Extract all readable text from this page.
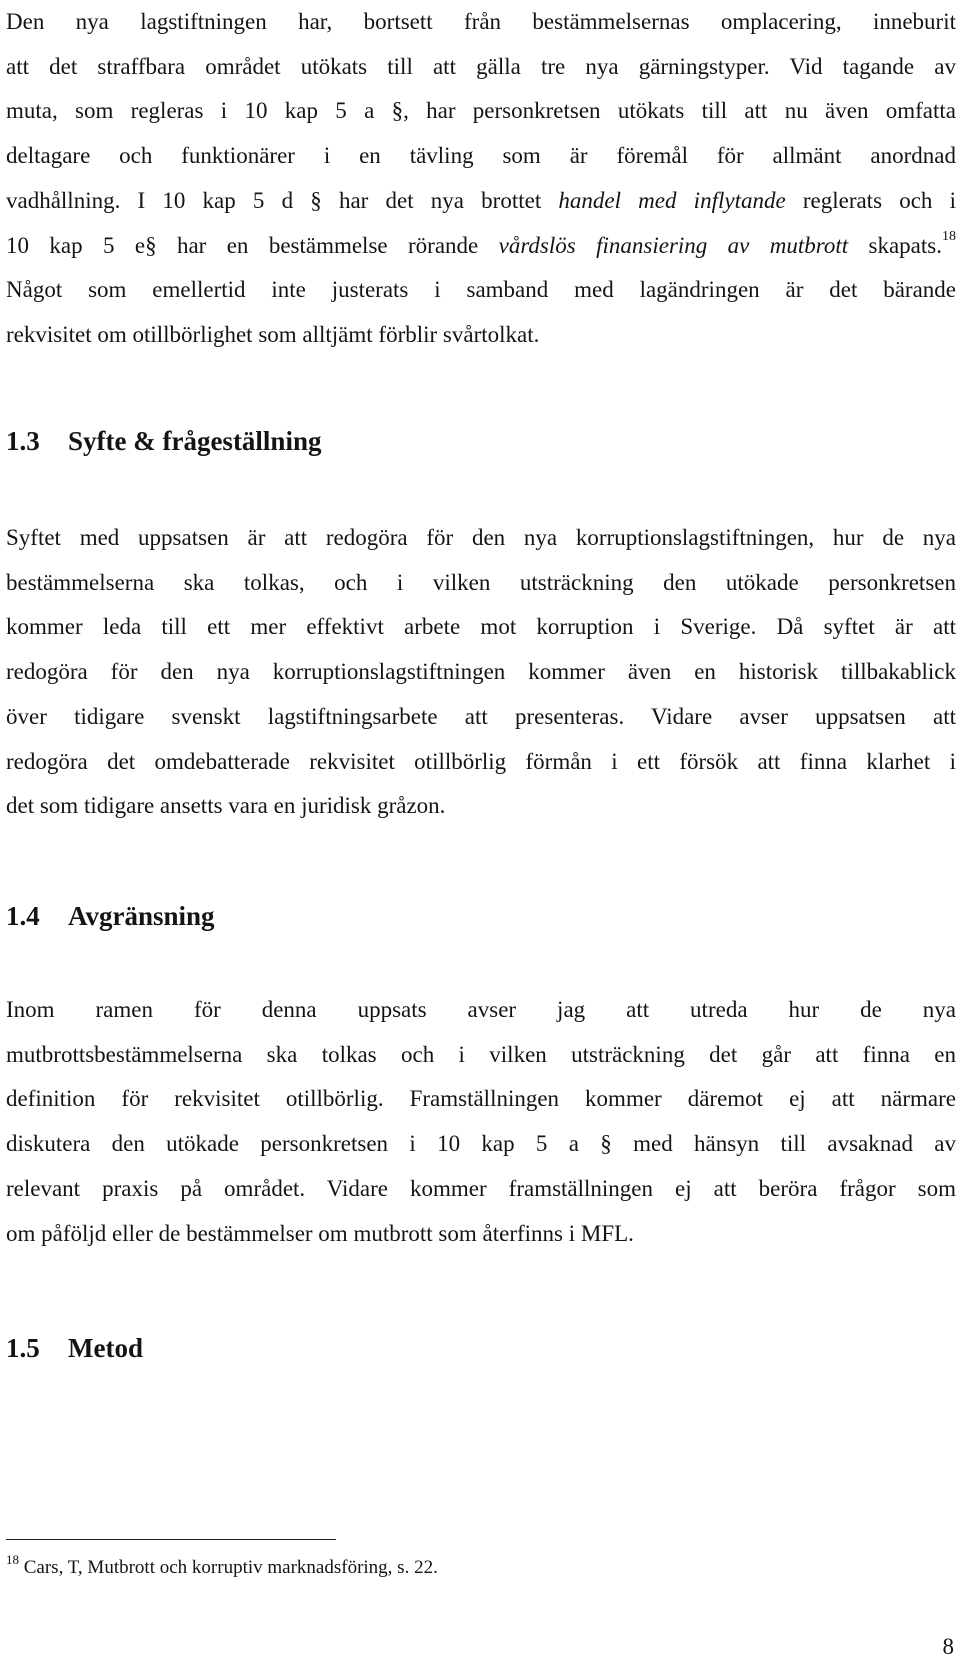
Den nya lagstiftningen har, bortsett från bestämmelsernas omplacering, inneburit
att det straffbara området utökats till att gälla tre nya gärningstyper. Vid tagande av
muta, som regleras i 10 kap 5 a §, har personkretsen utökats till att nu även omfatta
deltagare och funktionärer i en tävling som är föremål för allmänt anordnad
vadhållning. I 10 kap 5 d § har det nya brottet handel med inflytande reglerats och i
10 kap 5 e§ har en bestämmelse rörande vårdslös finansiering av mutbrott skapats.$^{18}$
Något som emellertid inte justerats i samband med lagändringen är det bärande
rekvisitet om otillbörlighet som alltjämt förblir svårtolkat.
1.3 Syfte & frågeställning
Syftet med uppsatsen är att redogöra för den nya korruptionslagstiftningen, hur de nya
bestämmelserna ska tolkas, och i vilken utsträckning den utökade personkretsen
kommer leda till ett mer effektivt arbete mot korruption i Sverige. Då syftet är att
redogöra för den nya korruptionslagstiftningen kommer även en historisk tillbakablick
över tidigare svenskt lagstiftningsarbete att presenteras. Vidare avser uppsatsen att
redogöra det omdebatterade rekvisitet otillbörlig förmån i ett försök att finna klarhet i
det som tidigare ansetts vara en juridisk gråzon.
1.4 Avgränsning
Inom ramen för denna uppsats avser jag att utreda hur de nya
mutbrottsbestämmelserna ska tolkas och i vilken utsträckning det går att finna en
definition för rekvisitet otillbörlig. Framställningen kommer däremot ej att närmare
diskutera den utökade personkretsen i 10 kap 5 a § med hänsyn till avsaknad av
relevant praxis på området. Vidare kommer framställningen ej att beröra frågor som
om påföljd eller de bestämmelser om mutbrott som återfinns i MFL.
1.5 Metod
$^{18}$ Cars, T, Mutbrott och korruptiv marknadsföring, s. 22.
8
